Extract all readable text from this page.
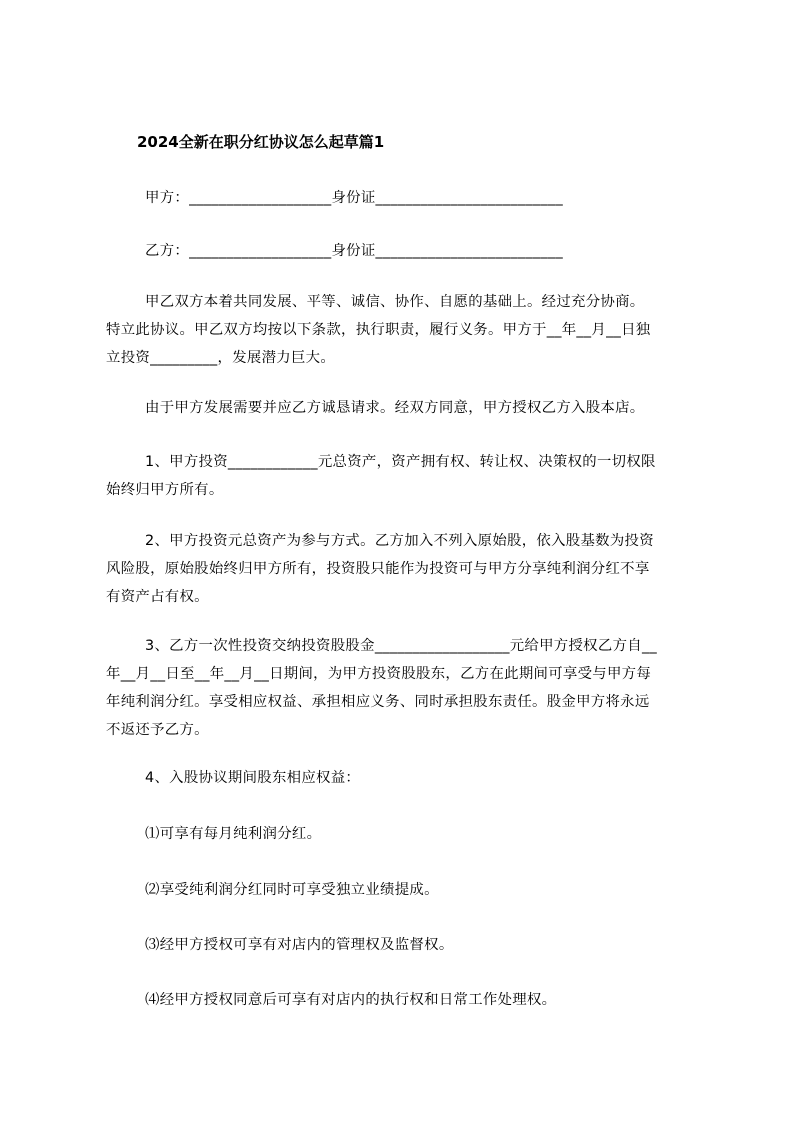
2024全新在职分红协议怎么起草篇1
甲方：___________________身份证_________________________
乙方：___________________身份证_________________________
甲乙双方本着共同发展、平等、诚信、协作、自愿的基础上。经过充分协商。
特立此协议。甲乙双方均按以下条款，执行职责，履行义务。甲方于__年__月__日独
立投资_________，发展潜力巨大。
由于甲方发展需要并应乙方诚恳请求。经双方同意，甲方授权乙方入股本店。
1、甲方投资____________元总资产，资产拥有权、转让权、决策权的一切权限
始终归甲方所有。
2、甲方投资元总资产为参与方式。乙方加入不列入原始股，依入股基数为投资
风险股，原始股始终归甲方所有，投资股只能作为投资可与甲方分享纯利润分红不享
有资产占有权。
3、乙方一次性投资交纳投资股股金__________________元给甲方授权乙方自__
年__月__日至__年__月__日期间，为甲方投资股股东，乙方在此期间可享受与甲方每
年纯利润分红。享受相应权益、承担相应义务、同时承担股东责任。股金甲方将永远
不返还予乙方。
4、入股协议期间股东相应权益：
⑴可享有每月纯利润分红。
⑵享受纯利润分红同时可享受独立业绩提成。
⑶经甲方授权可享有对店内的管理权及监督权。
⑷经甲方授权同意后可享有对店内的执行权和日常工作处理权。
